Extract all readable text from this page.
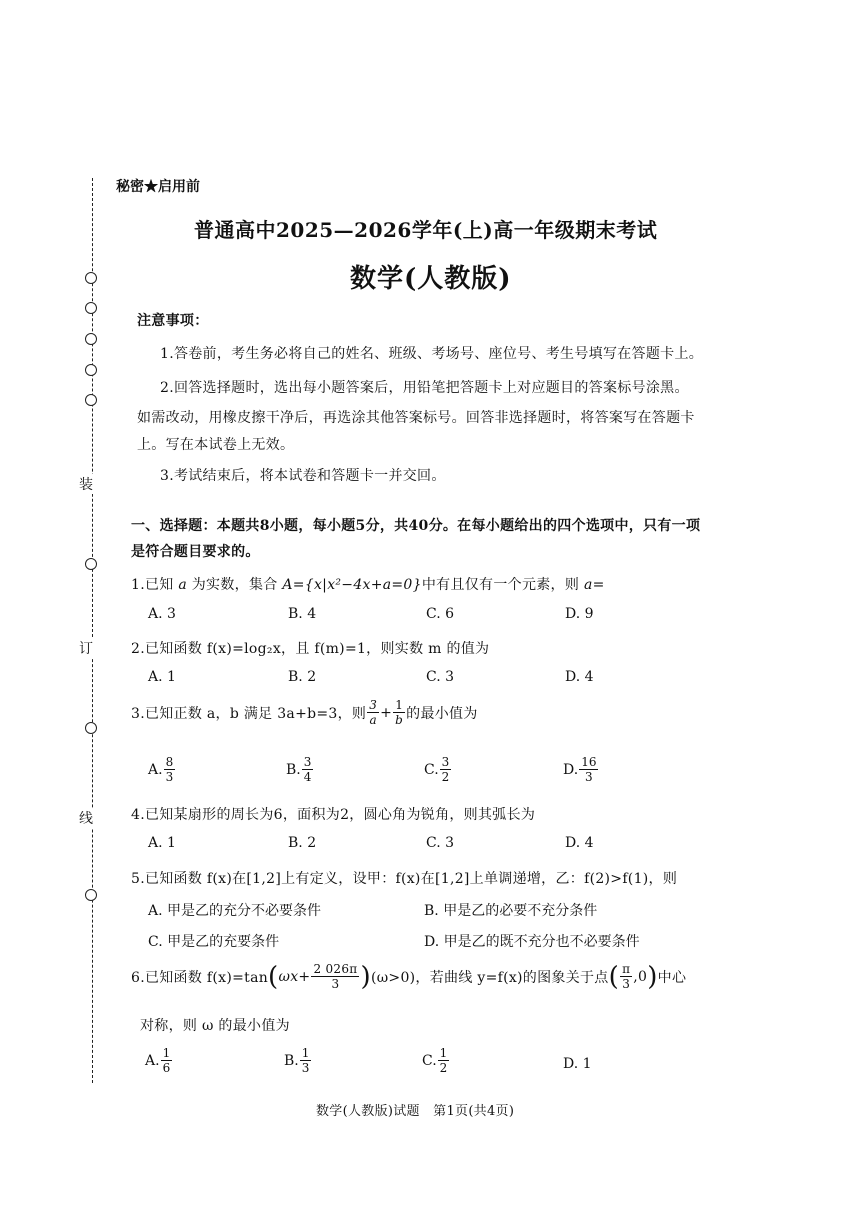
装
订
线
秘密★启用前
普通高中2025—2026学年(上)高一年级期末考试
数学(人教版)
注意事项：
1.答卷前，考生务必将自己的姓名、班级、考场号、座位号、考生号填写在答题卡上。
2.回答选择题时，选出每小题答案后，用铅笔把答题卡上对应题目的答案标号涂黑。
如需改动，用橡皮擦干净后，再选涂其他答案标号。回答非选择题时，将答案写在答题卡
上。写在本试卷上无效。
3.考试结束后，将本试卷和答题卡一并交回。
一、选择题：本题共8小题，每小题5分，共40分。在每小题给出的四个选项中，只有一项
是符合题目要求的。
1.已知 a 为实数，集合 A={x|x²−4x+a=0}中有且仅有一个元素，则 a=
A. 3	B. 4	C. 6	D. 9
2.已知函数 f(x)=log₂x，且 f(m)=1，则实数 m 的值为
A. 1	B. 2	C. 3	D. 4
3.已知正数 a，b 满足 3a+b=3，则 $\frac{3}{a} + \frac{1}{b}$ 的最小值为
A. $\frac{8}{3}$	B. $\frac{3}{4}$	C. $\frac{3}{2}$	D. $\frac{16}{3}$
4.已知某扇形的周长为6，面积为2，圆心角为锐角，则其弧长为
A. 1	B. 2	C. 3	D. 4
5.已知函数 f(x)在[1,2]上有定义，设甲：f(x)在[1,2]上单调递增，乙：f(2)>f(1)，则
A. 甲是乙的充分不必要条件	B. 甲是乙的必要不充分条件
C. 甲是乙的充要条件	D. 甲是乙的既不充分也不必要条件
6.已知函数 f(x)=tan ( $\omega x+ \frac{2 026\pi}{3}$ ) (ω>0)，若曲线 y=f(x)的图象关于点 ( $\frac{\pi}{3} ,0$ ) 中心
对称，则 ω 的最小值为
A. $\frac{1}{6}$	B. $\frac{1}{3}$	C. $\frac{1}{2}$	D. 1
数学(人教版)试题　第1页(共4页)
